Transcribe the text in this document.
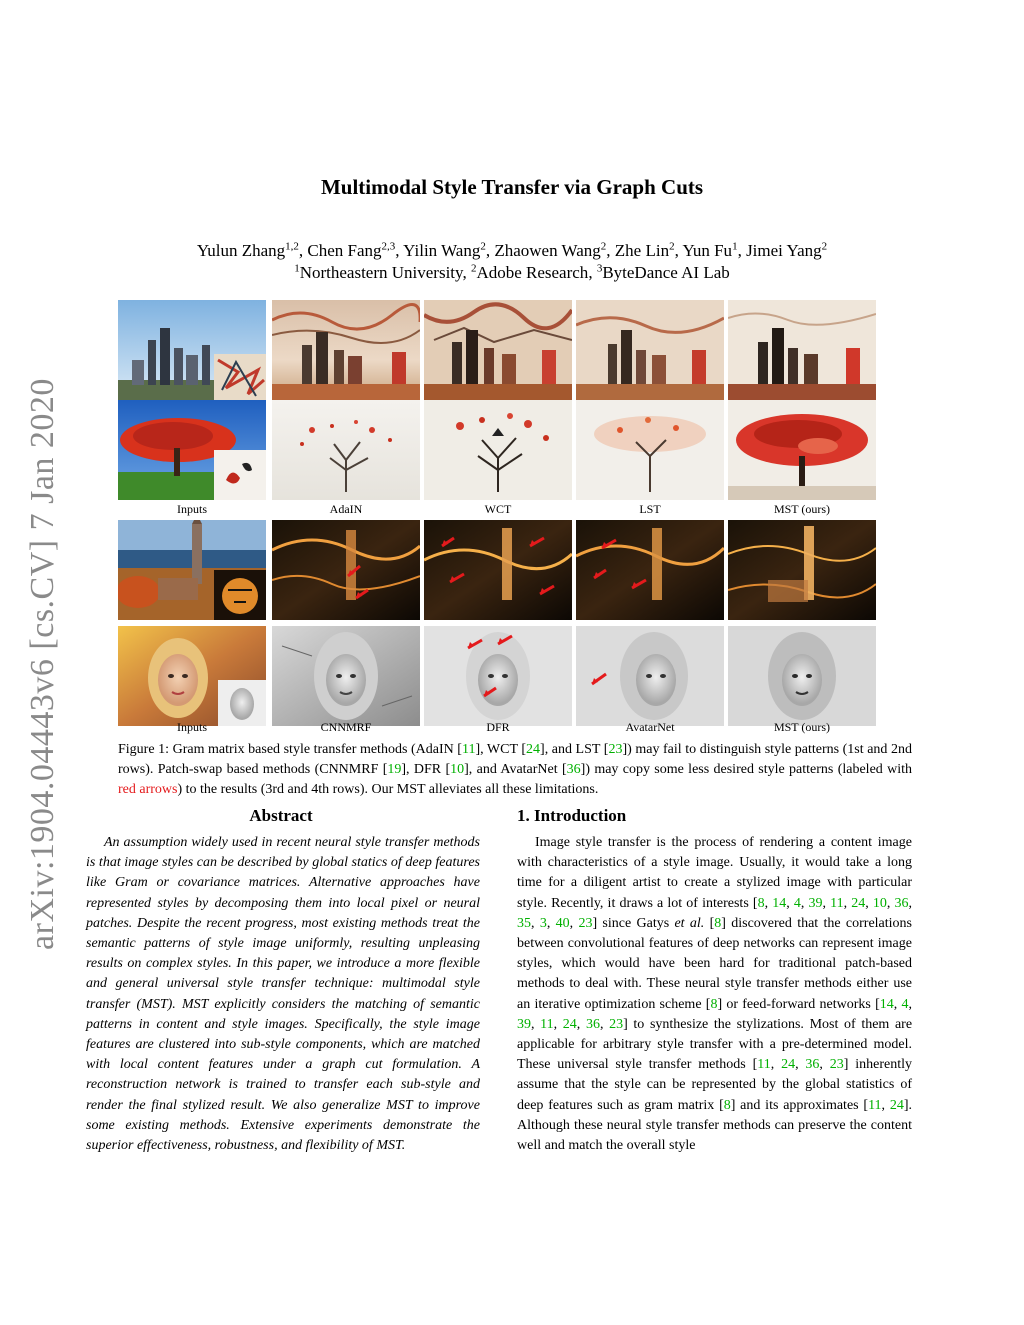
arXiv:1904.04443v6 [cs.CV] 7 Jan 2020
Multimodal Style Transfer via Graph Cuts
Yulun Zhang$^{1,2}$, Chen Fang$^{2,3}$, Yilin Wang$^2$, Zhaowen Wang$^2$, Zhe Lin$^2$, Yun Fu$^1$, Jimei Yang$^2$
$^1$Northeastern University, $^2$Adobe Research, $^3$ByteDance AI Lab
Inputs	AdaIN	WCT	LST	MST (ours)
Inputs	CNNMRF	DFR	AvatarNet	MST (ours)
Figure 1: Gram matrix based style transfer methods (AdaIN [11], WCT [24], and LST [23]) may fail to distinguish style patterns (1st and 2nd rows). Patch-swap based methods (CNNMRF [19], DFR [10], and AvatarNet [36]) may copy some less desired style patterns (labeled with red arrows) to the results (3rd and 4th rows). Our MST alleviates all these limitations.
Abstract
An assumption widely used in recent neural style transfer methods is that image styles can be described by global statics of deep features like Gram or covariance matrices. Alternative approaches have represented styles by decomposing them into local pixel or neural patches. Despite the recent progress, most existing methods treat the semantic patterns of style image uniformly, resulting unpleasing results on complex styles. In this paper, we introduce a more flexible and general universal style transfer technique: multimodal style transfer (MST). MST explicitly considers the matching of semantic patterns in content and style images. Specifically, the style image features are clustered into sub-style components, which are matched with local content features under a graph cut formulation. A reconstruction network is trained to transfer each sub-style and render the final stylized result. We also generalize MST to improve some existing methods. Extensive experiments demonstrate the superior effectiveness, robustness, and flexibility of MST.
1. Introduction
Image style transfer is the process of rendering a content image with characteristics of a style image. Usually, it would take a long time for a diligent artist to create a stylized image with particular style. Recently, it draws a lot of interests [8, 14, 4, 39, 11, 24, 10, 36, 35, 3, 40, 23] since Gatys et al. [8] discovered that the correlations between convolutional features of deep networks can represent image styles, which would have been hard for traditional patch-based methods to deal with. These neural style transfer methods either use an iterative optimization scheme [8] or feed-forward networks [14, 4, 39, 11, 24, 36, 23] to synthesize the stylizations. Most of them are applicable for arbitrary style transfer with a pre-determined model. These universal style transfer methods [11, 24, 36, 23] inherently assume that the style can be represented by the global statistics of deep features such as gram matrix [8] and its approximates [11, 24]. Although these neural style transfer methods can preserve the content well and match the overall style
